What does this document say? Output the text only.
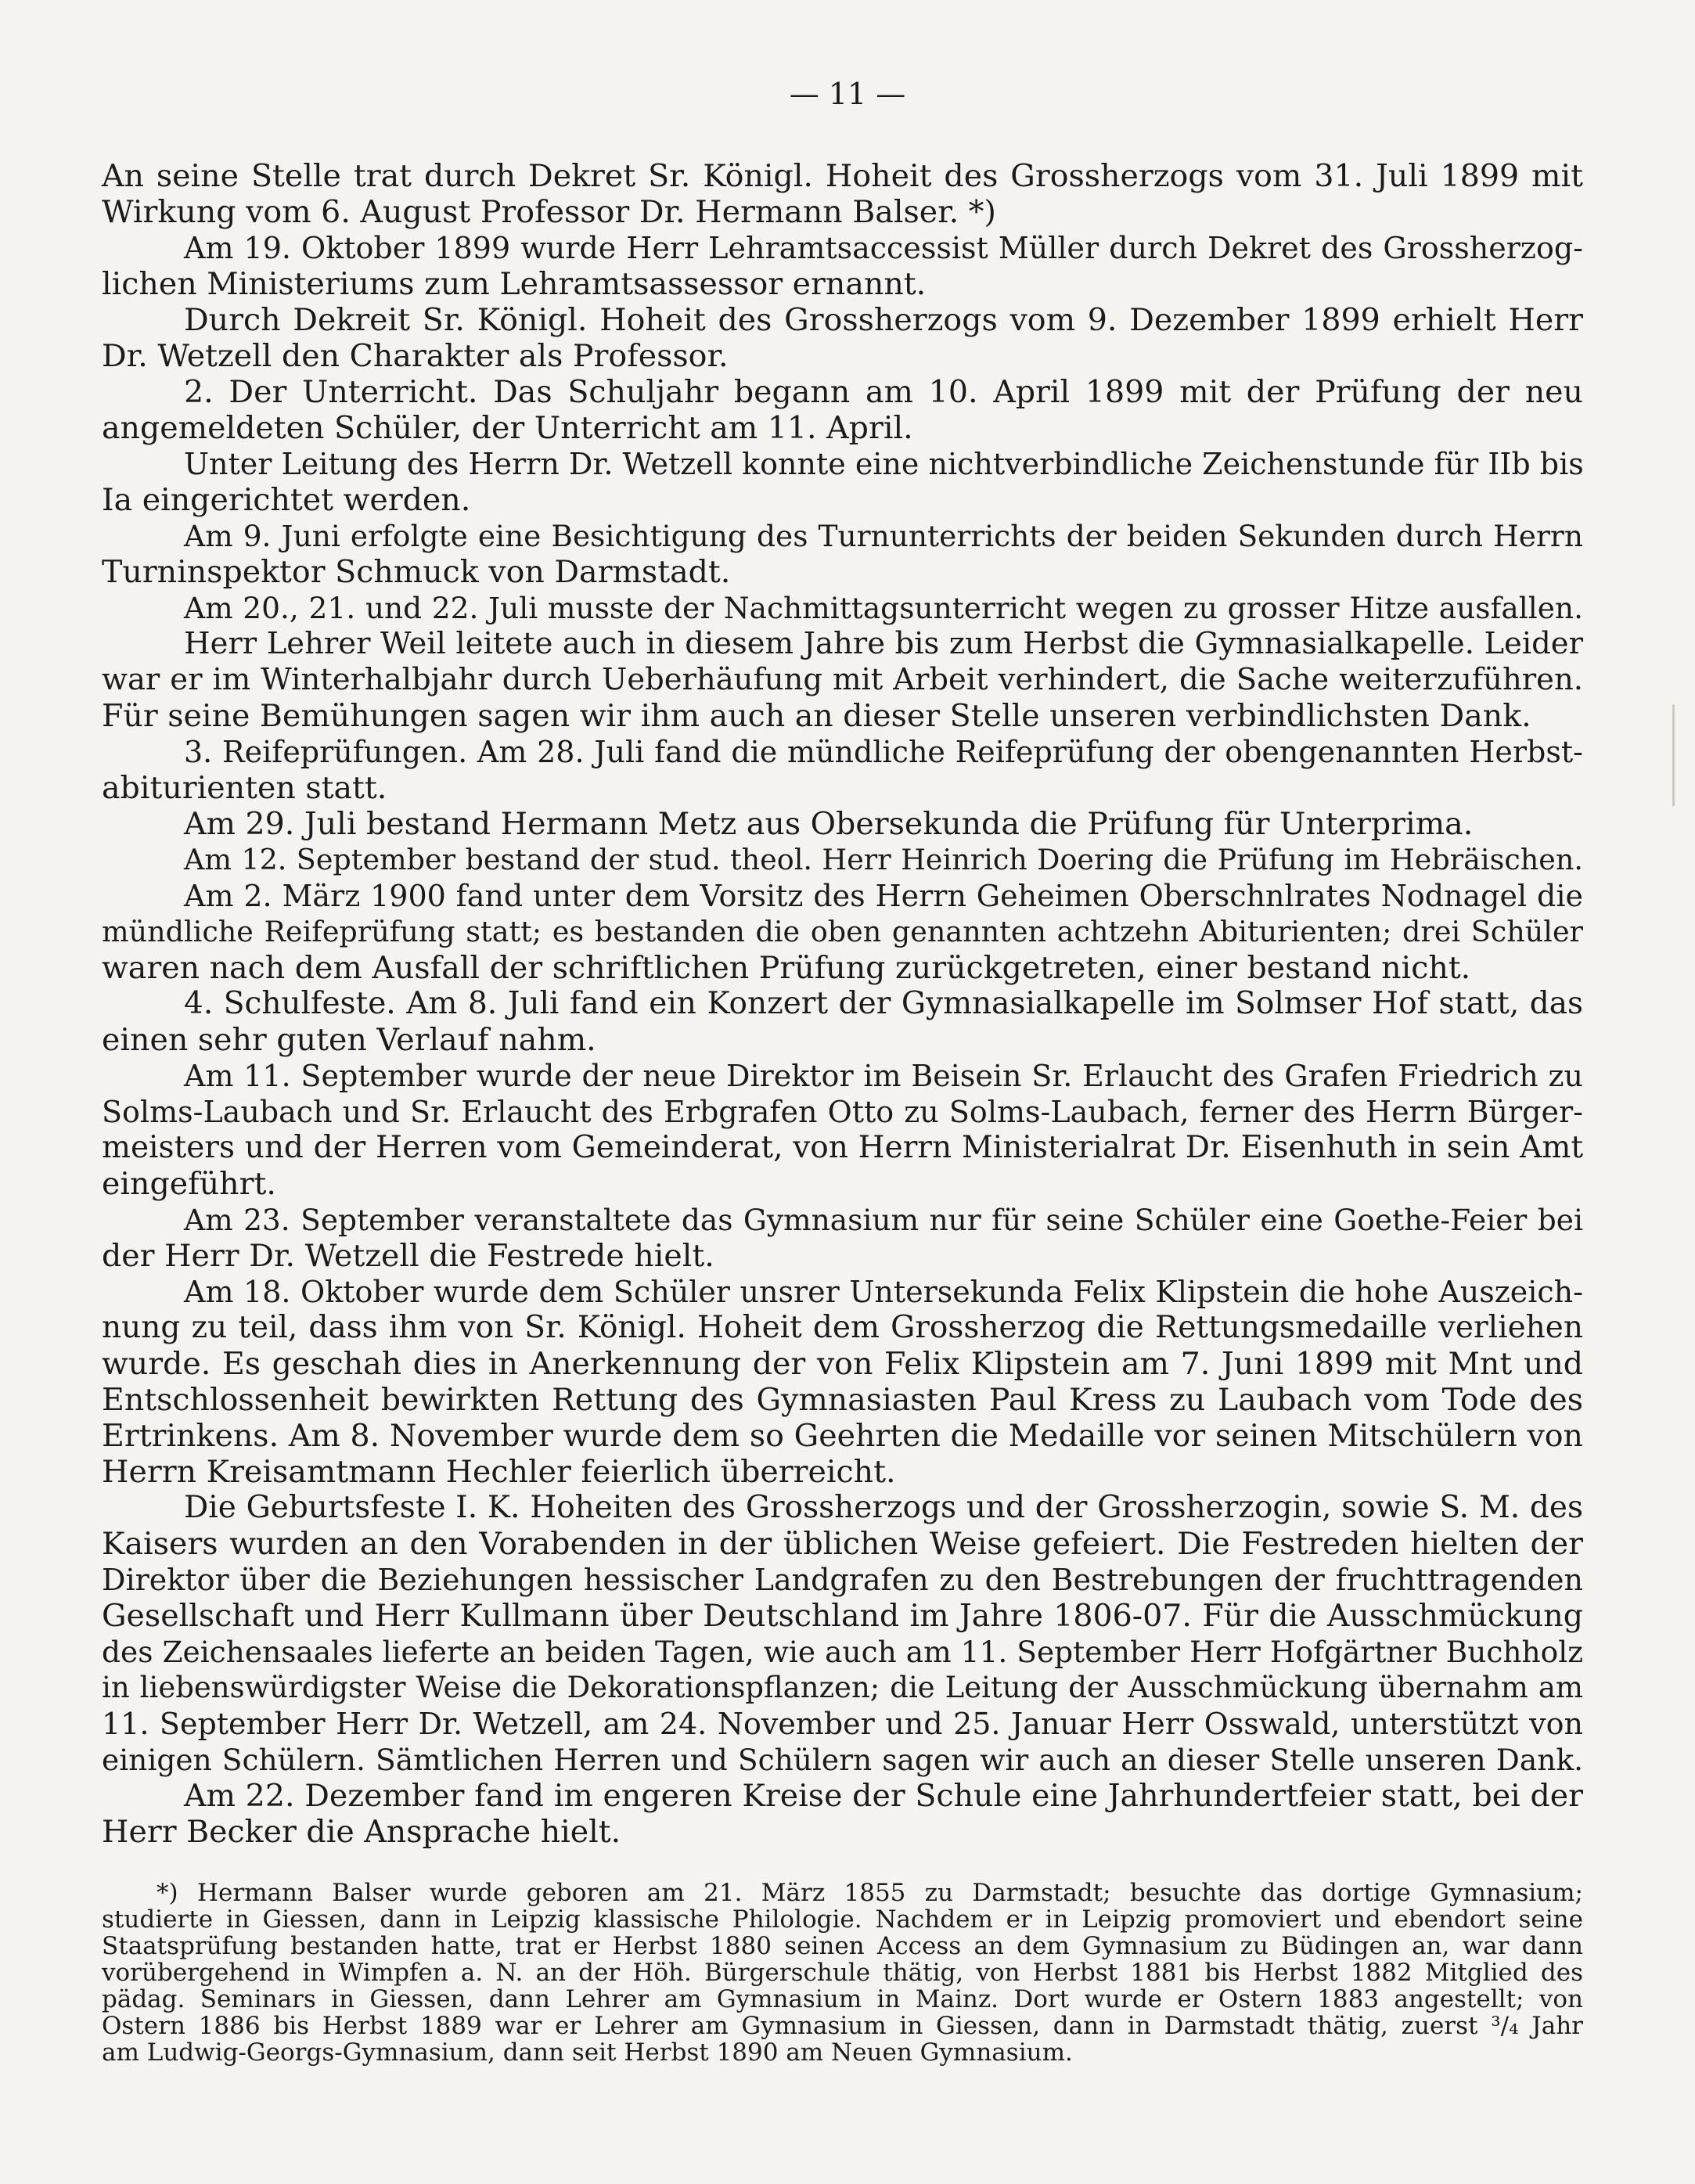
— 11 —
An seine Stelle trat durch Dekret Sr. Königl. Hoheit des Grossherzogs vom 31. Juli 1899 mit
Wirkung vom 6. August Professor Dr. Hermann Balser. *)
Am 19. Oktober 1899 wurde Herr Lehramtsaccessist Müller durch Dekret des Grossherzog-
lichen Ministeriums zum Lehramtsassessor ernannt.
Durch Dekreit Sr. Königl. Hoheit des Grossherzogs vom 9. Dezember 1899 erhielt Herr
Dr. Wetzell den Charakter als Professor.
2. Der Unterricht. Das Schuljahr begann am 10. April 1899 mit der Prüfung der neu
angemeldeten Schüler, der Unterricht am 11. April.
Unter Leitung des Herrn Dr. Wetzell konnte eine nichtverbindliche Zeichenstunde für IIb bis
Ia eingerichtet werden.
Am 9. Juni erfolgte eine Besichtigung des Turnunterrichts der beiden Sekunden durch Herrn
Turninspektor Schmuck von Darmstadt.
Am 20., 21. und 22. Juli musste der Nachmittagsunterricht wegen zu grosser Hitze ausfallen.
Herr Lehrer Weil leitete auch in diesem Jahre bis zum Herbst die Gymnasialkapelle. Leider
war er im Winterhalbjahr durch Ueberhäufung mit Arbeit verhindert, die Sache weiterzuführen.
Für seine Bemühungen sagen wir ihm auch an dieser Stelle unseren verbindlichsten Dank.
3. Reifeprüfungen. Am 28. Juli fand die mündliche Reifeprüfung der obengenannten Herbst-
abiturienten statt.
Am 29. Juli bestand Hermann Metz aus Obersekunda die Prüfung für Unterprima.
Am 12. September bestand der stud. theol. Herr Heinrich Doering die Prüfung im Hebräischen.
Am 2. März 1900 fand unter dem Vorsitz des Herrn Geheimen Oberschnlrates Nodnagel die
mündliche Reifeprüfung statt; es bestanden die oben genannten achtzehn Abiturienten; drei Schüler
waren nach dem Ausfall der schriftlichen Prüfung zurückgetreten, einer bestand nicht.
4. Schulfeste. Am 8. Juli fand ein Konzert der Gymnasialkapelle im Solmser Hof statt, das
einen sehr guten Verlauf nahm.
Am 11. September wurde der neue Direktor im Beisein Sr. Erlaucht des Grafen Friedrich zu
Solms-Laubach und Sr. Erlaucht des Erbgrafen Otto zu Solms-Laubach, ferner des Herrn Bürger-
meisters und der Herren vom Gemeinderat, von Herrn Ministerialrat Dr. Eisenhuth in sein Amt
eingeführt.
Am 23. September veranstaltete das Gymnasium nur für seine Schüler eine Goethe-Feier bei
der Herr Dr. Wetzell die Festrede hielt.
Am 18. Oktober wurde dem Schüler unsrer Untersekunda Felix Klipstein die hohe Auszeich-
nung zu teil, dass ihm von Sr. Königl. Hoheit dem Grossherzog die Rettungsmedaille verliehen
wurde. Es geschah dies in Anerkennung der von Felix Klipstein am 7. Juni 1899 mit Mnt und
Entschlossenheit bewirkten Rettung des Gymnasiasten Paul Kress zu Laubach vom Tode des
Ertrinkens. Am 8. November wurde dem so Geehrten die Medaille vor seinen Mitschülern von
Herrn Kreisamtmann Hechler feierlich überreicht.
Die Geburtsfeste I. K. Hoheiten des Grossherzogs und der Grossherzogin, sowie S. M. des
Kaisers wurden an den Vorabenden in der üblichen Weise gefeiert. Die Festreden hielten der
Direktor über die Beziehungen hessischer Landgrafen zu den Bestrebungen der fruchttragenden
Gesellschaft und Herr Kullmann über Deutschland im Jahre 1806-07. Für die Ausschmückung
des Zeichensaales lieferte an beiden Tagen, wie auch am 11. September Herr Hofgärtner Buchholz
in liebenswürdigster Weise die Dekorationspflanzen; die Leitung der Ausschmückung übernahm am
11. September Herr Dr. Wetzell, am 24. November und 25. Januar Herr Osswald, unterstützt von
einigen Schülern. Sämtlichen Herren und Schülern sagen wir auch an dieser Stelle unseren Dank.
Am 22. Dezember fand im engeren Kreise der Schule eine Jahrhundertfeier statt, bei der
Herr Becker die Ansprache hielt.
*) Hermann Balser wurde geboren am 21. März 1855 zu Darmstadt; besuchte das dortige Gymnasium;
studierte in Giessen, dann in Leipzig klassische Philologie. Nachdem er in Leipzig promoviert und ebendort seine
Staatsprüfung bestanden hatte, trat er Herbst 1880 seinen Access an dem Gymnasium zu Büdingen an, war dann
vorübergehend in Wimpfen a. N. an der Höh. Bürgerschule thätig, von Herbst 1881 bis Herbst 1882 Mitglied des
pädag. Seminars in Giessen, dann Lehrer am Gymnasium in Mainz. Dort wurde er Ostern 1883 angestellt; von
Ostern 1886 bis Herbst 1889 war er Lehrer am Gymnasium in Giessen, dann in Darmstadt thätig, zuerst ³/₄ Jahr
am Ludwig-Georgs-Gymnasium, dann seit Herbst 1890 am Neuen Gymnasium.
